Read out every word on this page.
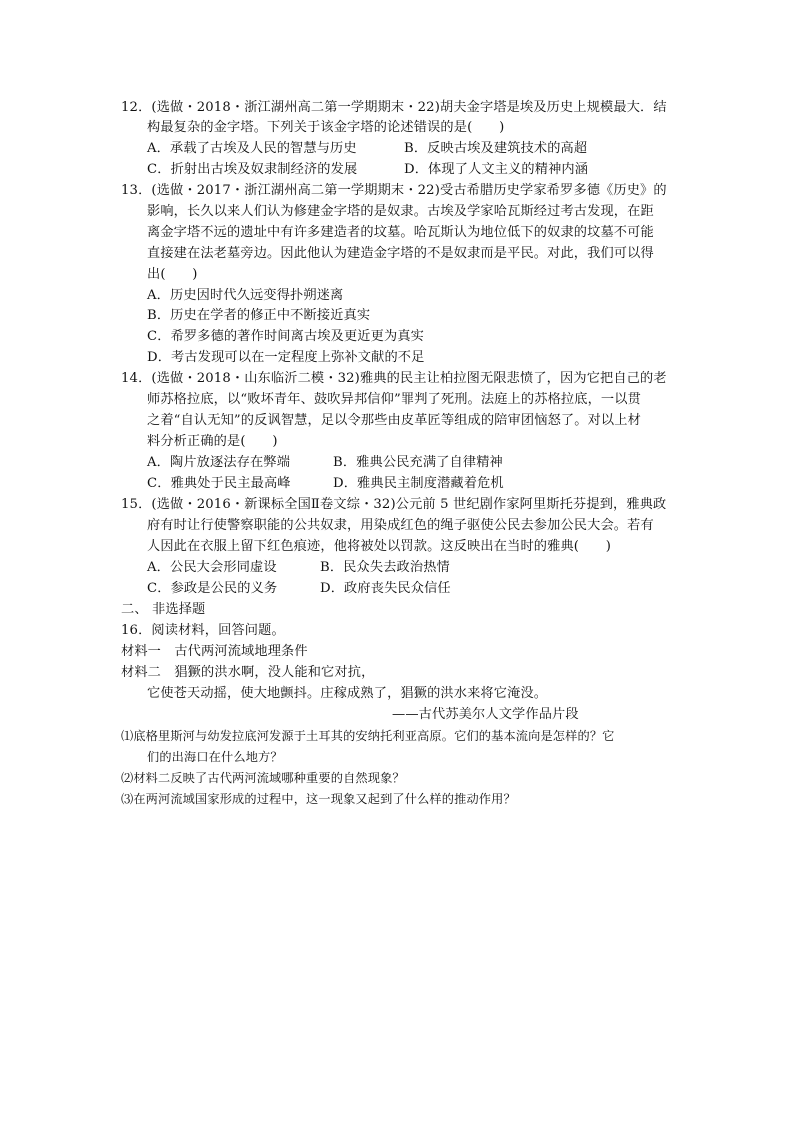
12．(选做・2018・浙江湖州高二第一学期期末・22)胡夫金字塔是埃及历史上规模最大．结
构最复杂的金字塔。下列关于该金字塔的论述错误的是(　　)
A．承载了古埃及人民的智慧与历史	B．反映古埃及建筑技术的高超
C．折射出古埃及奴隶制经济的发展	D．体现了人文主义的精神内涵
13．(选做・2017・浙江湖州高二第一学期期末・22)受古希腊历史学家希罗多德《历史》的
影响，长久以来人们认为修建金字塔的是奴隶。古埃及学家哈瓦斯经过考古发现，在距
离金字塔不远的遗址中有许多建造者的坟墓。哈瓦斯认为地位低下的奴隶的坟墓不可能
直接建在法老墓旁边。因此他认为建造金字塔的不是奴隶而是平民。对此，我们可以得
出(　　)
A．历史因时代久远变得扑朔迷离
B．历史在学者的修正中不断接近真实
C．希罗多德的著作时间离古埃及更近更为真实
D．考古发现可以在一定程度上弥补文献的不足
14．(选做・2018・山东临沂二模・32)雅典的民主让柏拉图无限悲愤了，因为它把自己的老
师苏格拉底，以“败坏青年、鼓吹异邦信仰”罪判了死刑。法庭上的苏格拉底，一以贯
之着“自认无知”的反讽智慧，足以令那些由皮革匠等组成的陪审团恼怒了。对以上材
料分析正确的是(　　)
A．陶片放逐法存在弊端	B．雅典公民充满了自律精神
C．雅典处于民主最高峰	D．雅典民主制度潜藏着危机
15．(选做・2016・新课标全国Ⅱ卷文综・32)公元前 5 世纪剧作家阿里斯托芬提到，雅典政
府有时让行使警察职能的公共奴隶，用染成红色的绳子驱使公民去参加公民大会。若有
人因此在衣服上留下红色痕迹，他将被处以罚款。这反映出在当时的雅典(　　)
A．公民大会形同虚设	B．民众失去政治热情
C．参政是公民的义务	D．政府丧失民众信任
二、 非选择题
16．阅读材料，回答问题。
材料一　古代两河流域地理条件
材料二　猖獗的洪水啊，没人能和它对抗，
它使苍天动摇，使大地颤抖。庄稼成熟了，猖獗的洪水来将它淹没。
——古代苏美尔人文学作品片段
⑴底格里斯河与幼发拉底河发源于土耳其的安纳托利亚高原。它们的基本流向是怎样的？它
们的出海口在什么地方？
⑵材料二反映了古代两河流域哪种重要的自然现象？
⑶在两河流域国家形成的过程中，这一现象又起到了什么样的推动作用？
